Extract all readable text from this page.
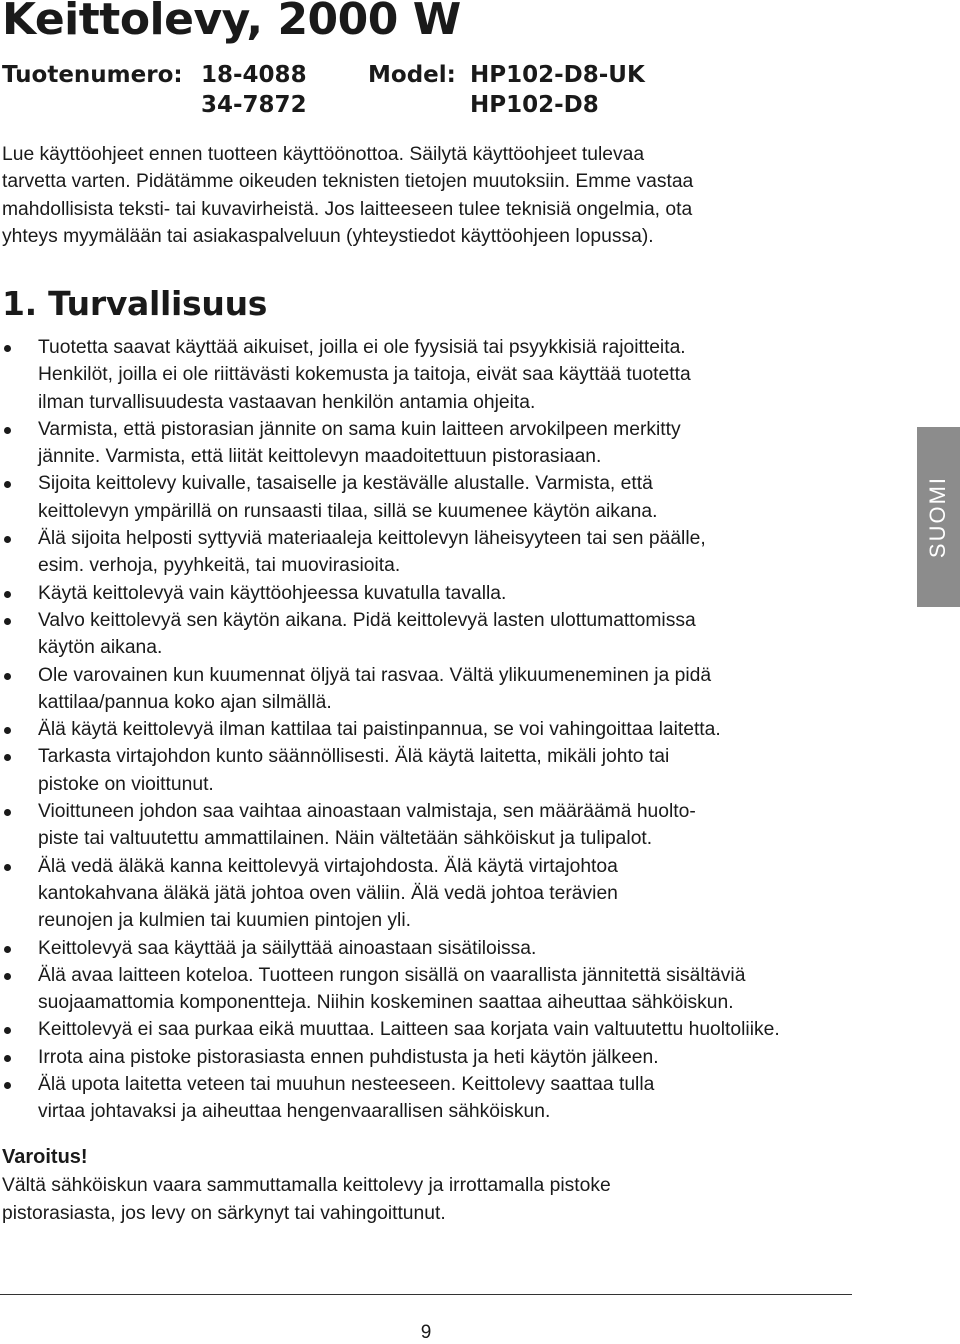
Keittolevy, 2000 W
Tuotenumero: 18-4088
34-7872
Model: HP102-D8-UK
HP102-D8

Lue käyttöohjeet ennen tuotteen käyttöönottoa. Säilytä käyttöohjeet tulevaa
tarvetta varten. Pidätämme oikeuden teknisten tietojen muutoksiin. Emme vastaa
mahdollisista teksti- tai kuvavirheistä. Jos laitteeseen tulee teknisiä ongelmia, ota
yhteys myymälään tai asiakaspalveluun (yhteystiedot käyttöohjeen lopussa).

1. Turvallisuus
Tuotetta saavat käyttää aikuiset, joilla ei ole fyysisiä tai psyykkisiä rajoitteita.
Henkilöt, joilla ei ole riittävästi kokemusta ja taitoja, eivät saa käyttää tuotetta
ilman turvallisuudesta vastaavan henkilön antamia ohjeita.
Varmista, että pistorasian jännite on sama kuin laitteen arvokilpeen merkitty
jännite. Varmista, että liität keittolevyn maadoitettuun pistorasiaan.
Sijoita keittolevy kuivalle, tasaiselle ja kestävälle alustalle. Varmista, että
keittolevyn ympärillä on runsaasti tilaa, sillä se kuumenee käytön aikana.
Älä sijoita helposti syttyviä materiaaleja keittolevyn läheisyyteen tai sen päälle,
esim. verhoja, pyyhkeitä, tai muovirasioita.
Käytä keittolevyä vain käyttöohjeessa kuvatulla tavalla.
Valvo keittolevyä sen käytön aikana. Pidä keittolevyä lasten ulottumattomissa
käytön aikana.
Ole varovainen kun kuumennat öljyä tai rasvaa. Vältä ylikuumeneminen ja pidä
kattilaa/pannua koko ajan silmällä.
Älä käytä keittolevyä ilman kattilaa tai paistinpannua, se voi vahingoittaa laitetta.
Tarkasta virtajohdon kunto säännöllisesti. Älä käytä laitetta, mikäli johto tai
pistoke on vioittunut.
Vioittuneen johdon saa vaihtaa ainoastaan valmistaja, sen määräämä huolto-
piste tai valtuutettu ammattilainen. Näin vältetään sähköiskut ja tulipalot.
Älä vedä äläkä kanna keittolevyä virtajohdosta. Älä käytä virtajohtoa
kantokahvana äläkä jätä johtoa oven väliin. Älä vedä johtoa terävien
reunojen ja kulmien tai kuumien pintojen yli.
Keittolevyä saa käyttää ja säilyttää ainoastaan sisätiloissa.
Älä avaa laitteen koteloa. Tuotteen rungon sisällä on vaarallista jännitettä sisältäviä
suojaamattomia komponentteja. Niihin koskeminen saattaa aiheuttaa sähköiskun.
Keittolevyä ei saa purkaa eikä muuttaa. Laitteen saa korjata vain valtuutettu huoltoliike.
Irrota aina pistoke pistorasiasta ennen puhdistusta ja heti käytön jälkeen.
Älä upota laitetta veteen tai muuhun nesteeseen. Keittolevy saattaa tulla
virtaa johtavaksi ja aiheuttaa hengenvaarallisen sähköiskun.
SUOMI

Varoitus!

Vältä sähköiskun vaara sammuttamalla keittolevy ja irrottamalla pistoke
pistorasiasta, jos levy on särkynyt tai vahingoittunut.

9
